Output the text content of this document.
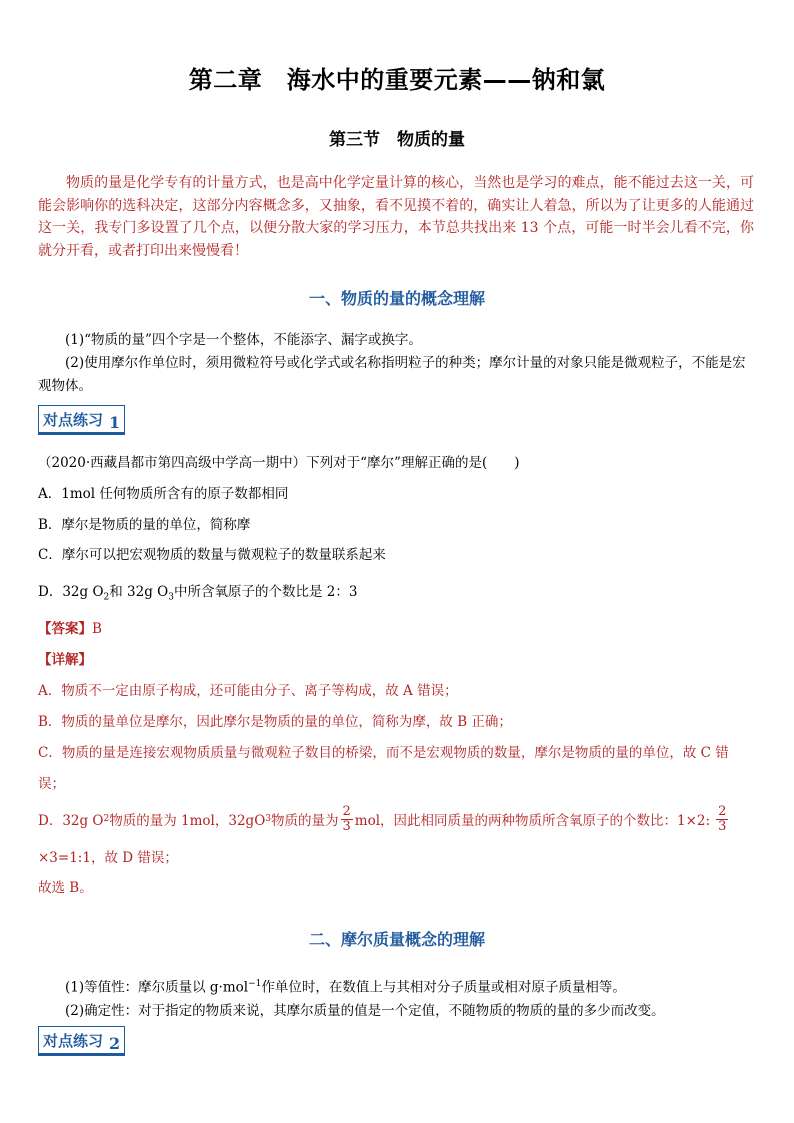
第二章　海水中的重要元素——钠和氯
第三节　物质的量
物质的量是化学专有的计量方式，也是高中化学定量计算的核心，当然也是学习的难点，能不能过去这一关，可能会影响你的选科决定，这部分内容概念多，又抽象，看不见摸不着的，确实让人着急，所以为了让更多的人能通过这一关，我专门多设置了几个点，以便分散大家的学习压力，本节总共找出来 13 个点，可能一时半会儿看不完，你就分开看，或者打印出来慢慢看！
一、物质的量的概念理解

(1)“物质的量”四个字是一个整体，不能添字、漏字或换字。

(2)使用摩尔作单位时，须用微粒符号或化学式或名称指明粒子的种类；摩尔计量的对象只能是微观粒子，不能是宏观物体。

对点练习 1
（2020·西藏昌都市第四高级中学高一期中）下列对于“摩尔”理解正确的是(　　)
A．1mol 任何物质所含有的原子数都相同
B．摩尔是物质的量的单位，简称摩
C．摩尔可以把宏观物质的数量与微观粒子的数量联系起来
D．32g $O_2$和 32g $O_3$中所含氧原子的个数比是 2：3
【答案】B
【详解】
A．物质不一定由原子构成，还可能由分子、离子等构成，故 A 错误；
B．物质的量单位是摩尔，因此摩尔是物质的量的单位，简称为摩，故 B 正确；
C．物质的量是连接宏观物质质量与微观粒子数目的桥梁，而不是宏观物质的数量，摩尔是物质的量的单位，故 C 错
误；
D．32g O 2 物质的量为 1mol，32gO 3 物质的量为 $\frac{2}{3}$ mol，因此相同质量的两种物质所含氧原子的个数比：1×2: $\frac{2}{3}$
×3=1:1，故 D 错误；
故选 B。
二、摩尔质量概念的理解

(1)等值性：摩尔质量以 g·mol$^{-1}$作单位时，在数值上与其相对分子质量或相对原子质量相等。

(2)确定性：对于指定的物质来说，其摩尔质量的值是一个定值，不随物质的物质的量的多少而改变。

对点练习 2
